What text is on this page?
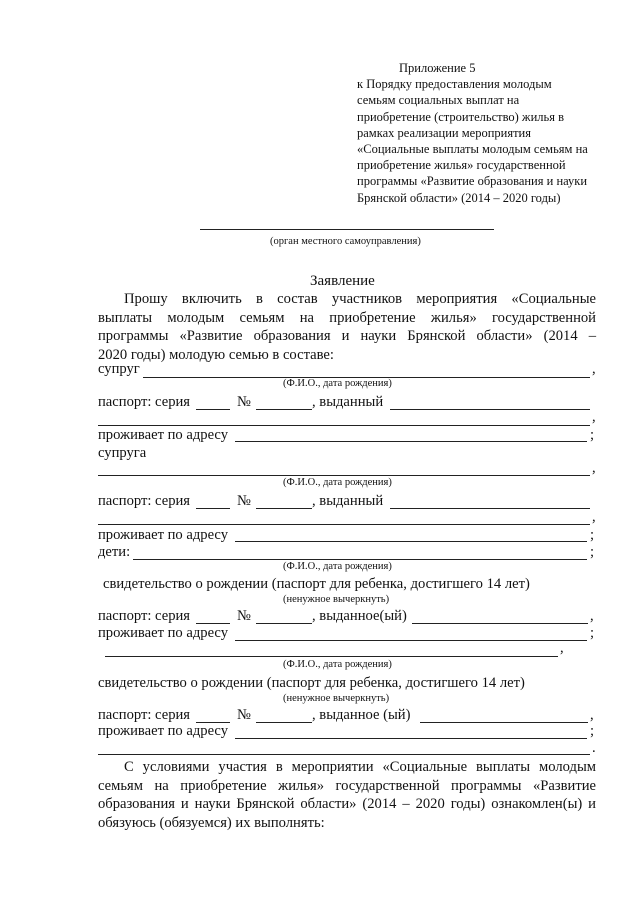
Приложение 5
к Порядку предоставления молодым
семьям социальных выплат на
приобретение (строительство) жилья в
рамках реализации мероприятия
«Социальные выплаты молодым семьям на
приобретение жилья» государственной
программы «Развитие образования и науки
Брянской области» (2014 – 2020 годы)
(орган местного самоуправления)
Заявление
Прошу включить в состав участников мероприятия «Социальные
выплаты молодым семьям на приобретение жилья» государственной
программы «Развитие образования и науки Брянской области» (2014 –
2020 годы) молодую семью в составе:
супруг	,
(Ф.И.О., дата рождения)
паспорт: серия	№	, выданный
,
проживает по адресу	;
супруга
,
(Ф.И.О., дата рождения)
паспорт: серия	№	, выданный
,
проживает по адресу	;
дети:	;
(Ф.И.О., дата рождения)
свидетельство о рождении (паспорт для ребенка, достигшего 14 лет)
(ненужное вычеркнуть)
паспорт: серия	№	, выданное(ый)	,
проживает по адресу	;
,
(Ф.И.О., дата рождения)
свидетельство о рождении (паспорт для ребенка, достигшего 14 лет)
(ненужное вычеркнуть)
паспорт: серия	№	, выданное (ый)	,
проживает по адресу	;
.
С условиями участия в мероприятии «Социальные выплаты молодым
семьям на приобретение жилья» государственной программы «Развитие
образования и науки Брянской области» (2014 – 2020 годы) ознакомлен(ы) и
обязуюсь (обязуемся) их выполнять:
